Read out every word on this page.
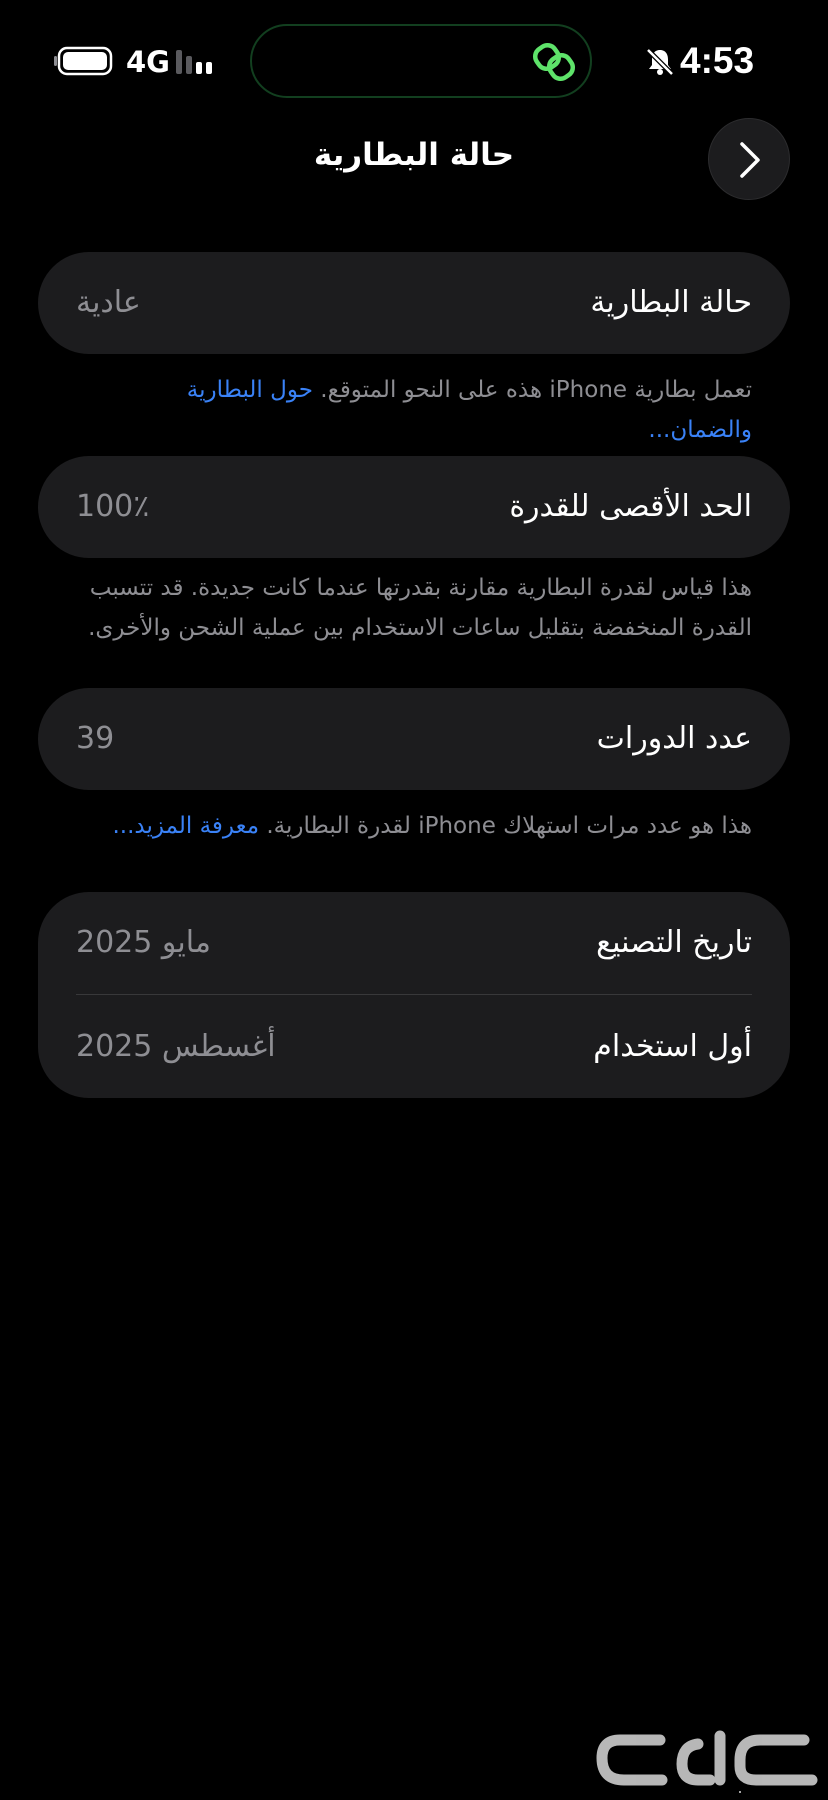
4G	4:53
حالة البطارية
حالة البطارية
عادية
تعمل بطارية iPhone هذه على النحو المتوقع. حول البطارية والضمان...
الحد الأقصى للقدرة
100٪
هذا قياس لقدرة البطارية مقارنة بقدرتها عندما كانت جديدة. قد تتسبب القدرة المنخفضة بتقليل ساعات الاستخدام بين عملية الشحن والأخرى.
عدد الدورات
39
هذا هو عدد مرات استهلاك iPhone لقدرة البطارية. معرفة المزيد...
تاريخ التصنيع
مايو 2025
أول استخدام
أغسطس 2025
